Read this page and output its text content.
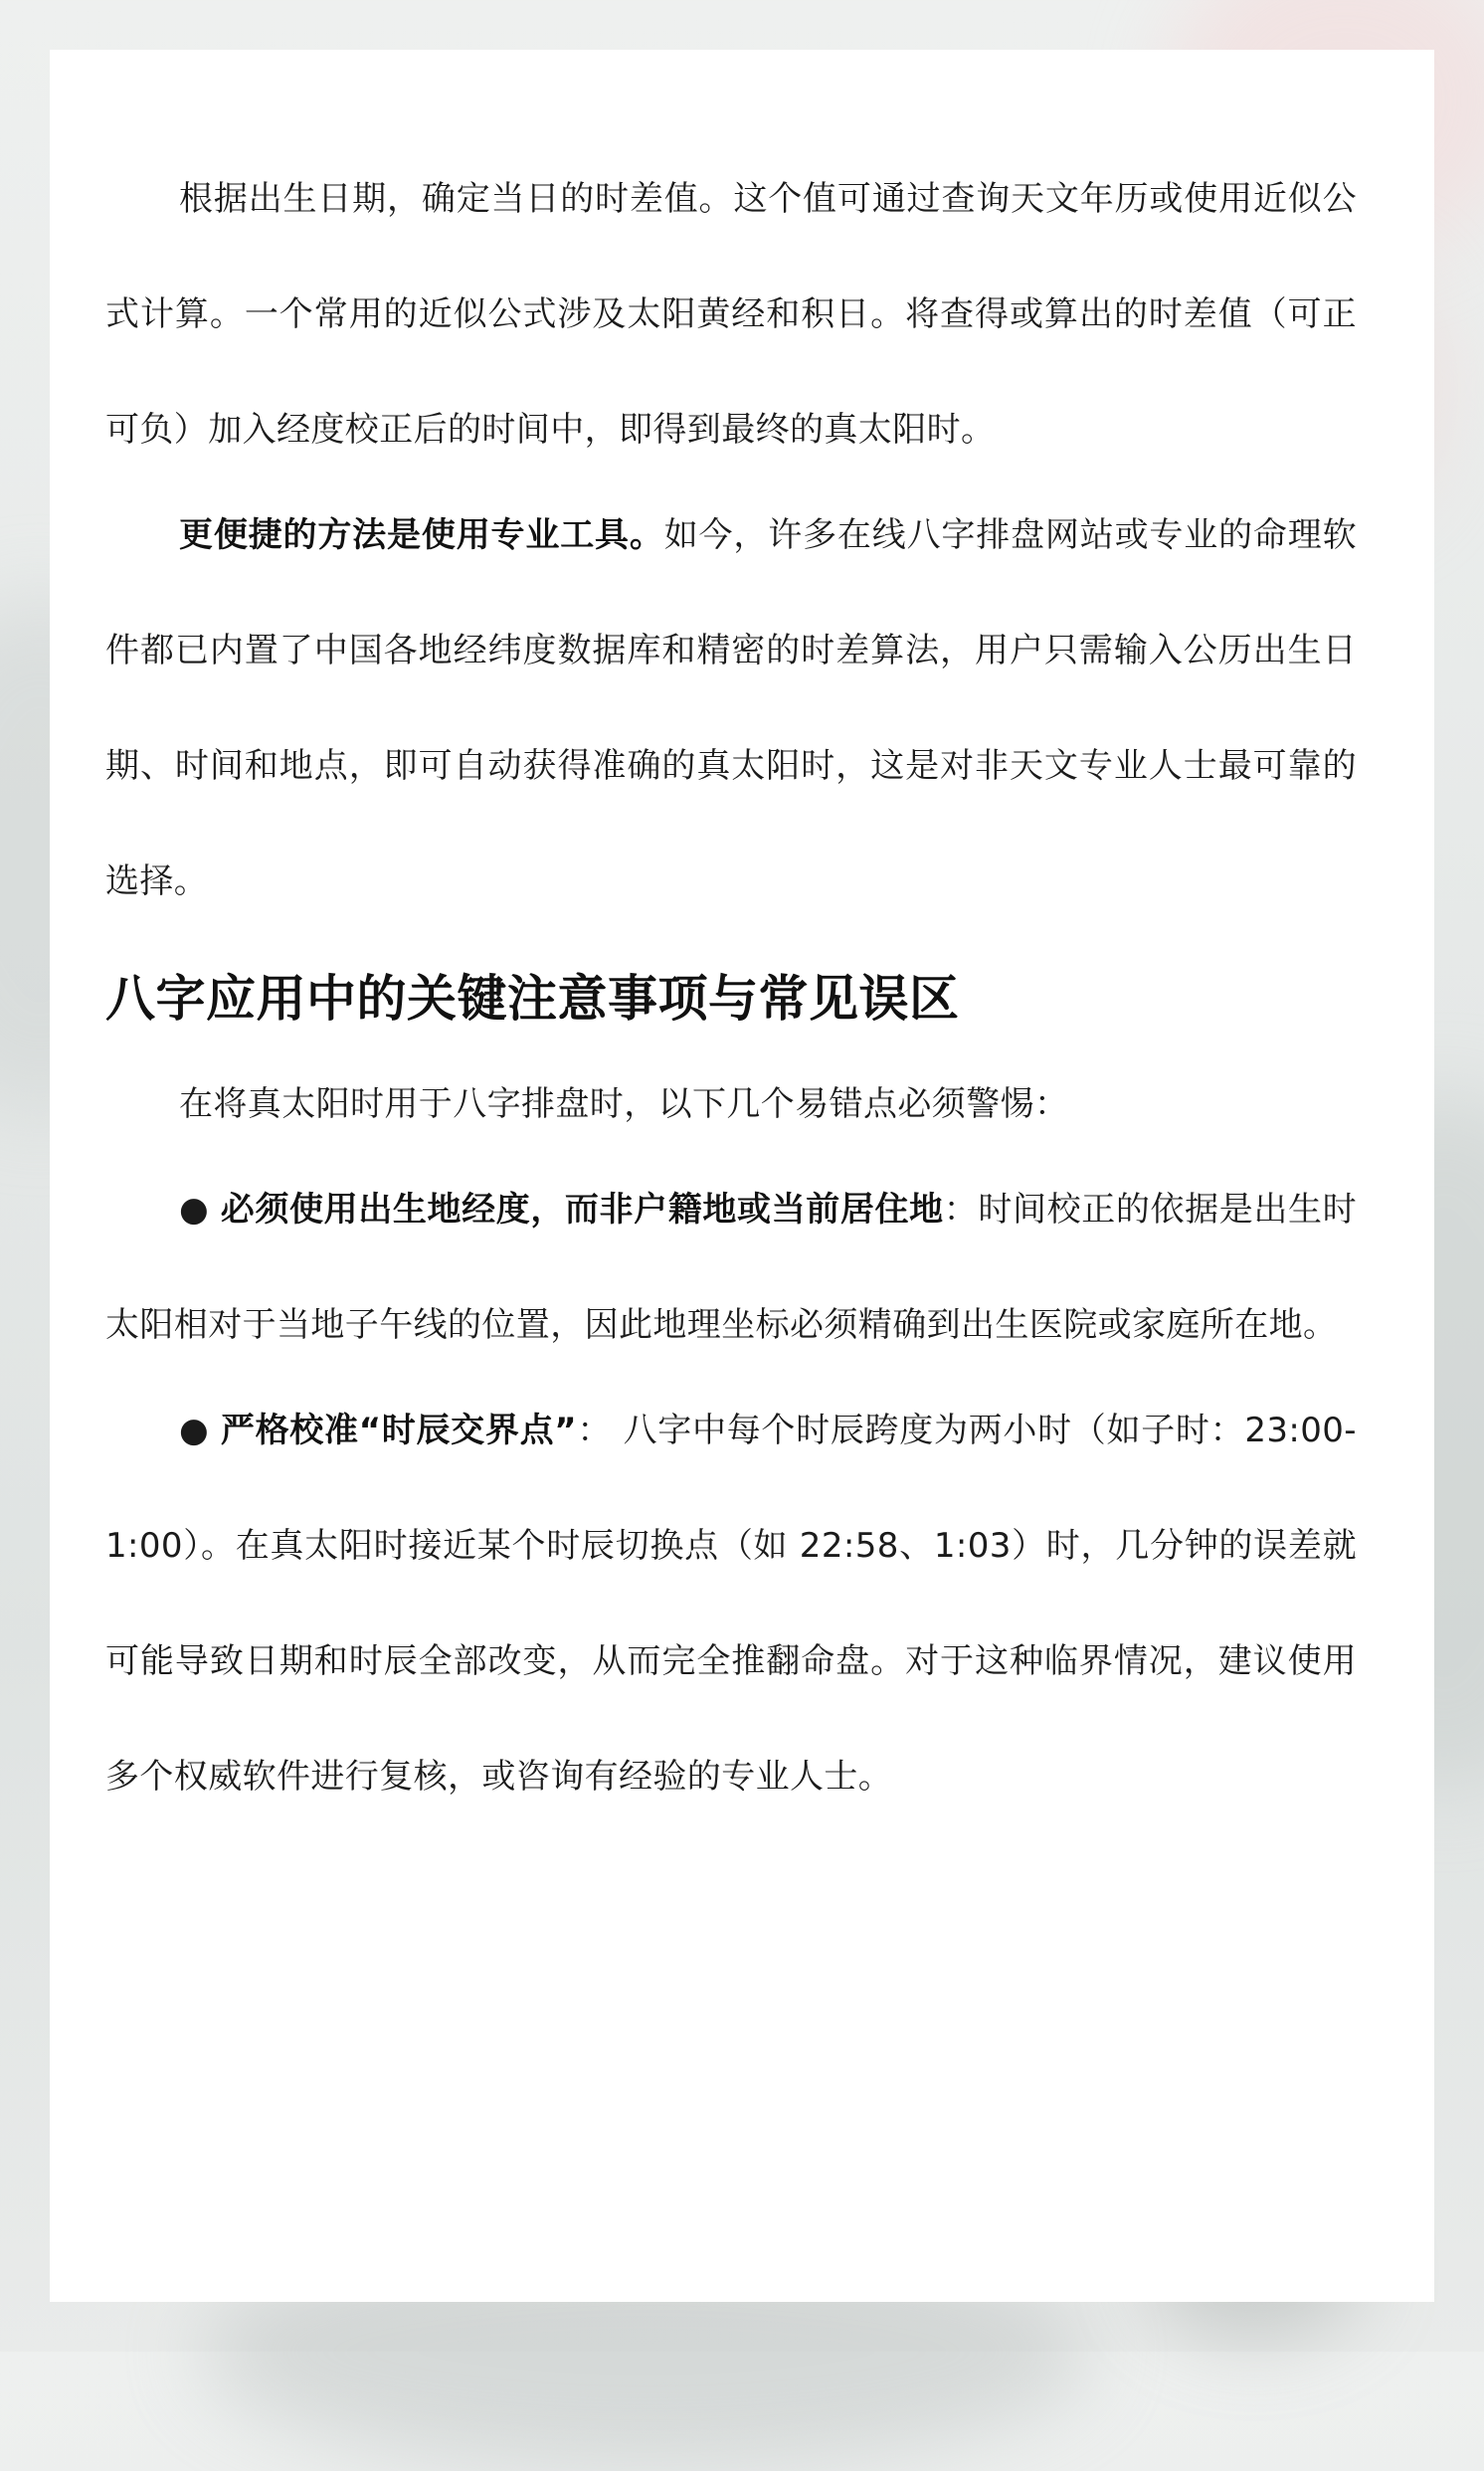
根据出生日期，确定当日的时差值。这个值可通过查询天文年历或使用近似公式计算。一个常用的近似公式涉及太阳黄经和积日。将查得或算出的时差值（可正可负）加入经度校正后的时间中，即得到最终的真太阳时。

更便捷的方法是使用专业工具。如今，许多在线八字排盘网站或专业的命理软件都已内置了中国各地经纬度数据库和精密的时差算法，用户只需输入公历出生日期、时间和地点，即可自动获得准确的真太阳时，这是对非天文专业人士最可靠的选择。

八字应用中的关键注意事项与常见误区

在将真太阳时用于八字排盘时，以下几个易错点必须警惕：

● 必须使用出生地经度，而非户籍地或当前居住地：时间校正的依据是出生时太阳相对于当地子午线的位置，因此地理坐标必须精确到出生医院或家庭所在地。

● 严格校准“时辰交界点”： 八字中每个时辰跨度为两小时（如子时：23:00-1:00）。在真太阳时接近某个时辰切换点（如 22:58、1:03）时，几分钟的误差就可能导致日期和时辰全部改变，从而完全推翻命盘。对于这种临界情况，建议使用多个权威软件进行复核，或咨询有经验的专业人士。
